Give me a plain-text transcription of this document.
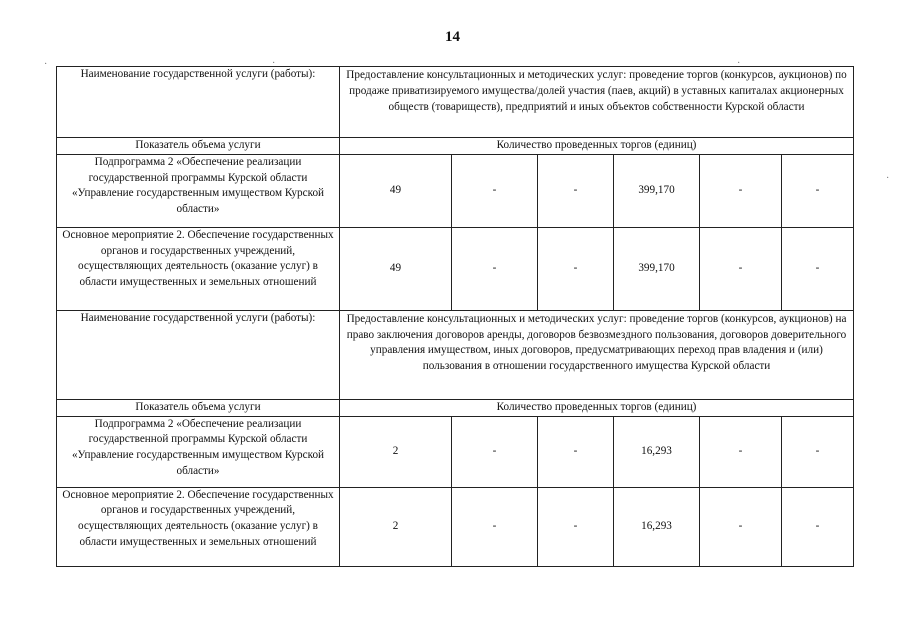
14
·	·	·
·
Наименование государственной услуги (работы):	Предоставление консультационных и методических услуг: проведение торгов (конкурсов, аукционов) по продаже приватизируемого имущества/долей участия (паев, акций) в уставных капиталах акционерных обществ (товариществ), предприятий и иных объектов собственности Курской области					
Показатель объема услуги	Количество проведенных торгов (единиц)					
Подпрограмма 2 «Обеспечение реализации государственной программы Курской области «Управление государственным имуществом Курской области»	49	-	-	399,170	-	-
Основное мероприятие 2. Обеспечение государственных органов и государственных учреждений, осуществляющих деятельность (оказание услуг) в области имущественных и земельных отношений	49	-	-	399,170	-	-
Наименование государственной услуги (работы):	Предоставление консультационных и методических услуг: проведение торгов (конкурсов, аукционов) на право заключения договоров аренды, договоров безвозмездного пользования, договоров доверительного управления имуществом, иных договоров, предусматривающих переход прав владения и (или) пользования в отношении государственного имущества Курской области					
Показатель объема услуги	Количество проведенных торгов (единиц)					
Подпрограмма 2 «Обеспечение реализации государственной программы Курской области «Управление государственным имуществом Курской области»	2	-	-	16,293	-	-
Основное мероприятие 2. Обеспечение государственных органов и государственных учреждений, осуществляющих деятельность (оказание услуг) в области имущественных и земельных отношений	2	-	-	16,293	-	-
